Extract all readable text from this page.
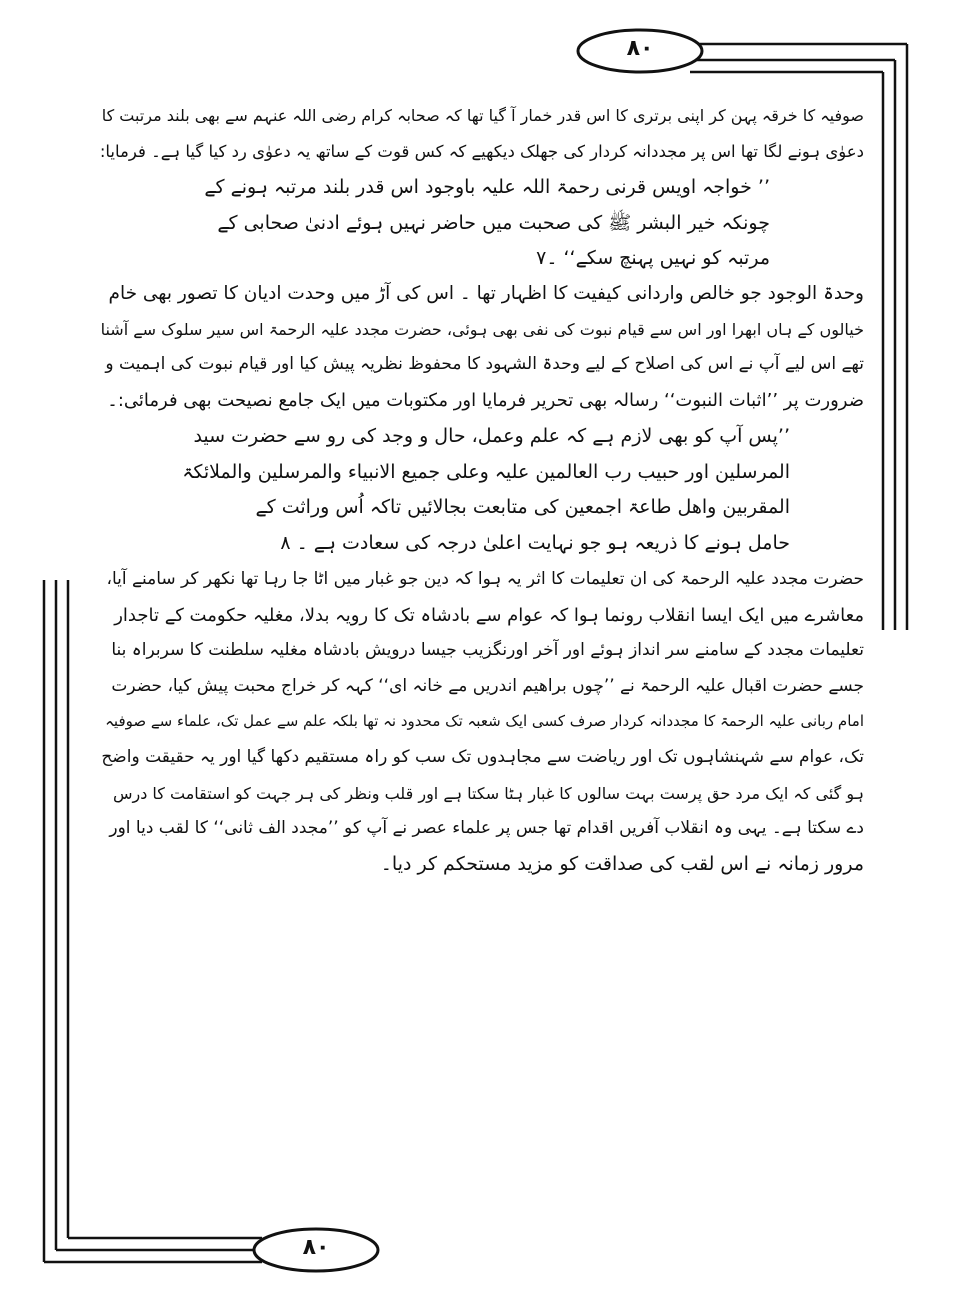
۸۰
۸۰

صوفیہ کا خرقہ پہن کر اپنی برتری کا اس قدر خمار آ گیا تھا کہ صحابہ کرام رضی اللہ عنہم سے بھی بلند مرتبت کا

دعوٰی ہونے لگا تھا اس پر مجددانہ کردار کی جھلک دیکھیے کہ کس قوت کے ساتھ یہ دعوٰی رد کیا گیا ہے۔ فرمایا:

’’ خواجہ اویس قرنی رحمۃ اللہ علیہ باوجود اس قدر بلند مرتبہ ہونے کے

چونکہ خیر البشر ﷺ کی صحبت میں حاضر نہیں ہوئے ادنیٰ صحابی کے

مرتبہ کو نہیں پہنچ سکے‘‘ ۔۷

وحدۃ الوجود جو خالص واردانی کیفیت کا اظہار تھا ۔ اس کی آڑ میں وحدت ادیان کا تصور بھی خام

خیالوں کے ہاں ابھرا اور اس سے قیام نبوت کی نفی بھی ہوئی، حضرت مجدد علیہ الرحمۃ اس سیر سلوک سے آشنا

تھے اس لیے آپ نے اس کی اصلاح کے لیے وحدۃ الشہود کا محفوظ نظریہ پیش کیا اور قیام نبوت کی اہمیت و

ضرورت پر ’’اثبات النبوت‘‘ رسالہ بھی تحریر فرمایا اور مکتوبات میں ایک جامع نصیحت بھی فرمائی:۔

’’پس آپ کو بھی لازم ہے کہ علم وعمل، حال و وجد کی رو سے حضرت سید

المرسلین اور حبیب رب العالمین علیہ وعلی جمیع الانبیاء والمرسلین والملائکۃ

المقربین واھل طاعۃ اجمعین کی متابعت بجالائیں تاکہ اُس وراثت کے

حامل ہونے کا ذریعہ ہو جو نہایت اعلیٰ درجہ کی سعادت ہے ۔ ۸

حضرت مجدد علیہ الرحمۃ کی ان تعلیمات کا اثر یہ ہوا کہ دین جو غبار میں اٹا جا رہا تھا نکھر کر سامنے آیا،

معاشرے میں ایک ایسا انقلاب رونما ہوا کہ عوام سے بادشاہ تک کا رویہ بدلا، مغلیہ حکومت کے تاجدار

تعلیمات مجدد کے سامنے سر انداز ہوئے اور آخر اورنگزیب جیسا درویش بادشاہ مغلیہ سلطنت کا سربراہ بنا

جسے حضرت اقبال علیہ الرحمۃ نے ’’چوں براھیم اندریں مے خانہ ای‘‘ کہہ کر خراج محبت پیش کیا، حضرت

امام ربانی علیہ الرحمۃ کا مجددانہ کردار صرف کسی ایک شعبہ تک محدود نہ تھا بلکہ علم سے عمل تک، علماء سے صوفیہ

تک، عوام سے شہنشاہوں تک اور ریاضت سے مجاہدوں تک سب کو راہ مستقیم دکھا گیا اور یہ حقیقت واضح

ہو گئی کہ ایک مرد حق پرست بہت سالوں کا غبار ہٹا سکتا ہے اور قلب ونظر کی ہر جہت کو استقامت کا درس

دے سکتا ہے۔ یہی وہ انقلاب آفریں اقدام تھا جس پر علماء عصر نے آپ کو ’’مجدد الف ثانی‘‘ کا لقب دیا اور

مرور زمانہ نے اس لقب کی صداقت کو مزید مستحکم کر دیا۔
